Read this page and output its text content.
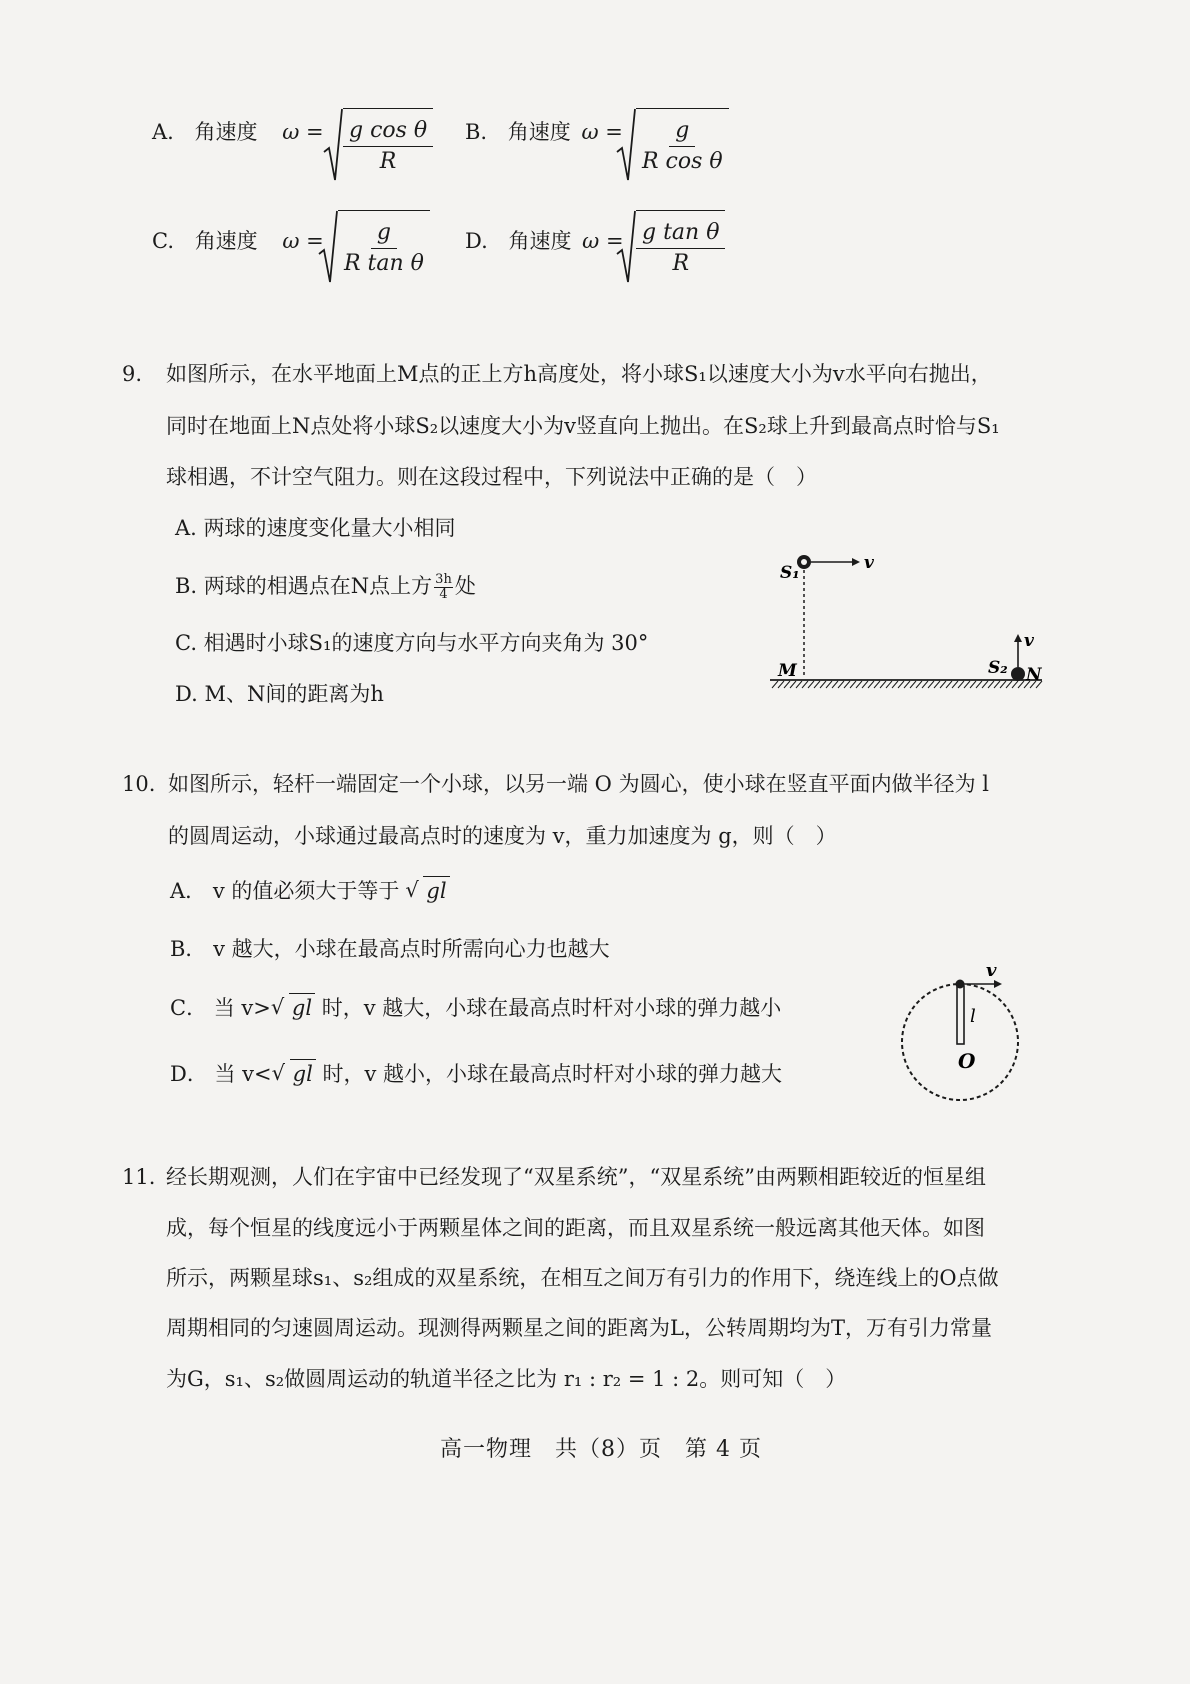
A. 角速度 $\omega = \frac{\text{g cos θ}}{R} B$. 角速度 $\omega = \frac{g}{\text{R cos θ}}$
C. 角速度 $\omega = \frac{g}{\text{R tan θ}} D$. 角速度 $\omega = \frac{\text{g tan θ}}{R}$
9. 如图所示，在水平地面上M点的正上方h高度处，将小球S₁以速度大小为v水平向右抛出，
同时在地面上N点处将小球S₂以速度大小为v竖直向上抛出。在S₂球上升到最高点时恰与S₁
球相遇，不计空气阻力。则在这段过程中，下列说法中正确的是（　）
A. 两球的速度变化量大小相同
B. 两球的相遇点在N点上方 $\frac{3h}{4}$ 处
C. 相遇时小球S₁的速度方向与水平方向夹角为 30°
D. M、N间的距离为h
S₁	v
M	S₂ N
v
10. 如图所示，轻杆一端固定一个小球，以另一端 O 为圆心，使小球在竖直平面内做半径为 l
的圆周运动，小球通过最高点时的速度为 v，重力加速度为 g，则（　）
A． v 的值必须大于等于 √ gl
B． v 越大，小球在最高点时所需向心力也越大
C． 当 v> √ gl 时，v 越大，小球在最高点时杆对小球的弹力越小
D． 当 v< √ gl 时，v 越小，小球在最高点时杆对小球的弹力越大
v
l
O
11. 经长期观测，人们在宇宙中已经发现了“双星系统”，“双星系统”由两颗相距较近的恒星组
成，每个恒星的线度远小于两颗星体之间的距离，而且双星系统一般远离其他天体。如图
所示，两颗星球s₁、s₂组成的双星系统，在相互之间万有引力的作用下，绕连线上的O点做
周期相同的匀速圆周运动。现测得两颗星之间的距离为L，公转周期均为T，万有引力常量
为G，s₁、s₂做圆周运动的轨道半径之比为 r₁ : r₂ = 1 : 2。则可知（　）
高一物理　共（8）页　第 4 页
